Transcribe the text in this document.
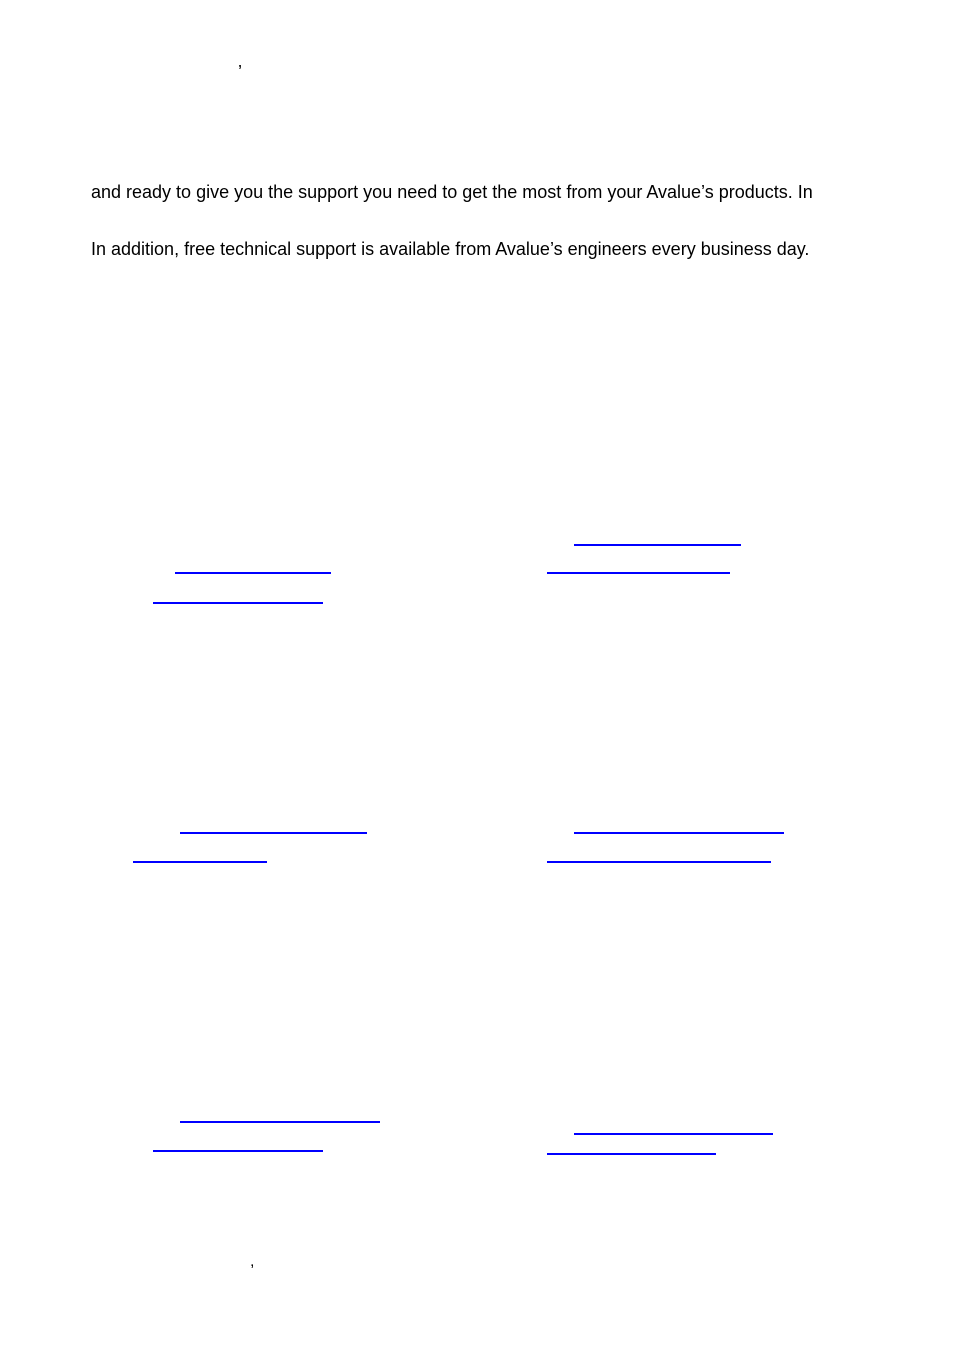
’
and ready to give you the support you need to get the most from your Avalue’s products. In
In addition, free technical support is available from Avalue’s engineers every business day.
,
